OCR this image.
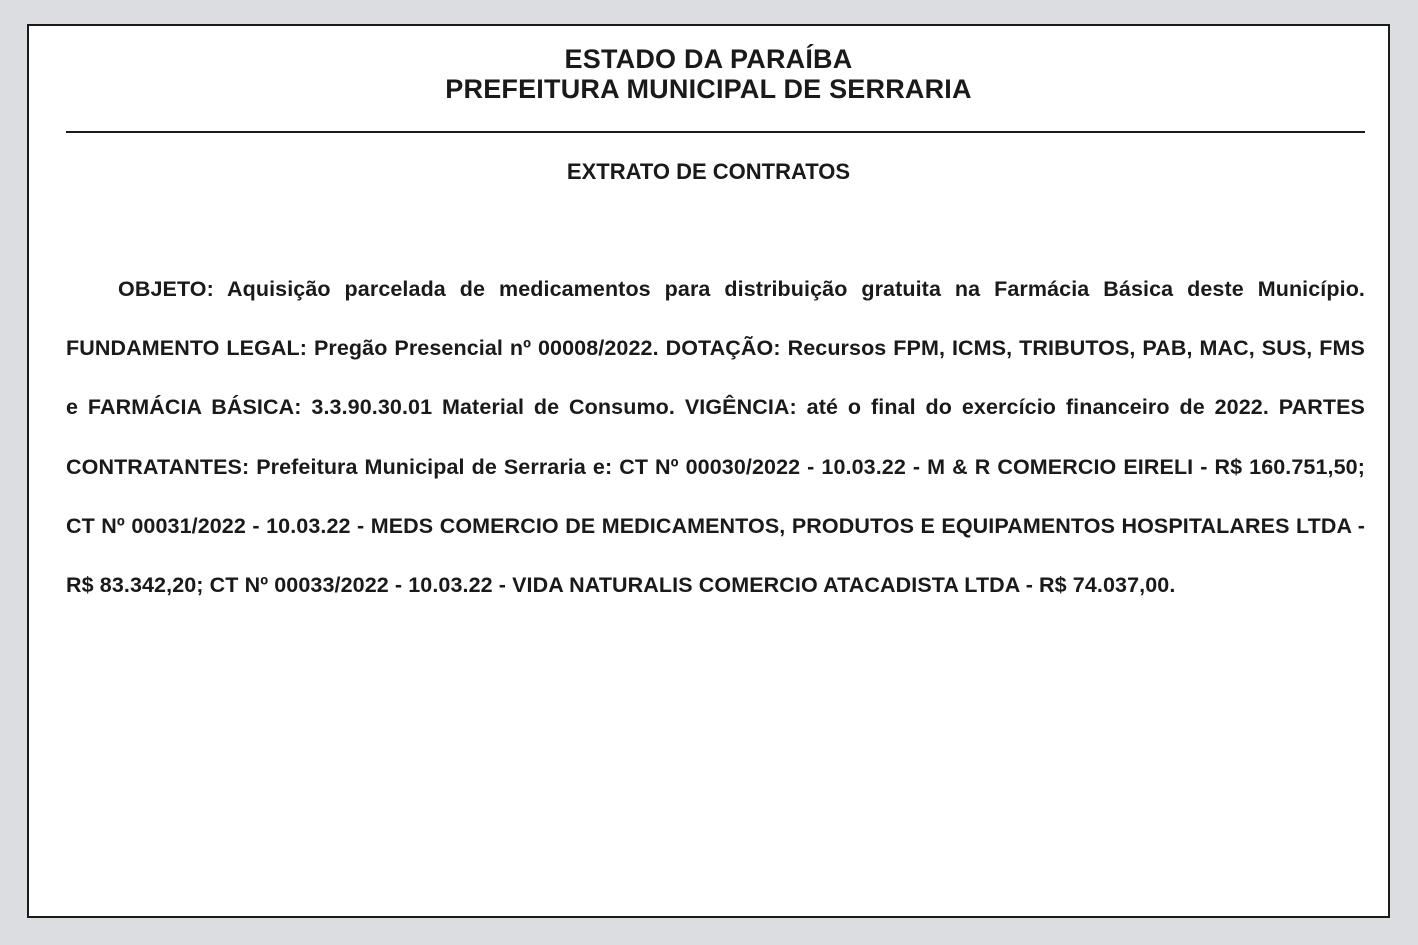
ESTADO DA PARAÍBA
PREFEITURA MUNICIPAL DE SERRARIA
EXTRATO DE CONTRATOS

OBJETO: Aquisição parcelada de medicamentos para distribuição gratuita na Farmácia Básica deste Município. FUNDAMENTO LEGAL: Pregão Presencial nº 00008/2022. DOTAÇÃO: Recursos FPM, ICMS, TRIBUTOS, PAB, MAC, SUS, FMS e FARMÁCIA BÁSICA: 3.3.90.30.01 Material de Consumo. VIGÊNCIA: até o final do exercício financeiro de 2022. PARTES CONTRATANTES: Prefeitura Municipal de Serraria e: CT Nº 00030/2022 - 10.03.22 - M & R COMERCIO EIRELI - R$ 160.751,50; CT Nº 00031/2022 - 10.03.22 - MEDS COMERCIO DE MEDICAMENTOS, PRODUTOS E EQUIPAMENTOS HOSPITALARES LTDA - R$ 83.342,20; CT Nº 00033/2022 - 10.03.22 - VIDA NATURALIS COMERCIO ATACADISTA LTDA - R$ 74.037,00.
